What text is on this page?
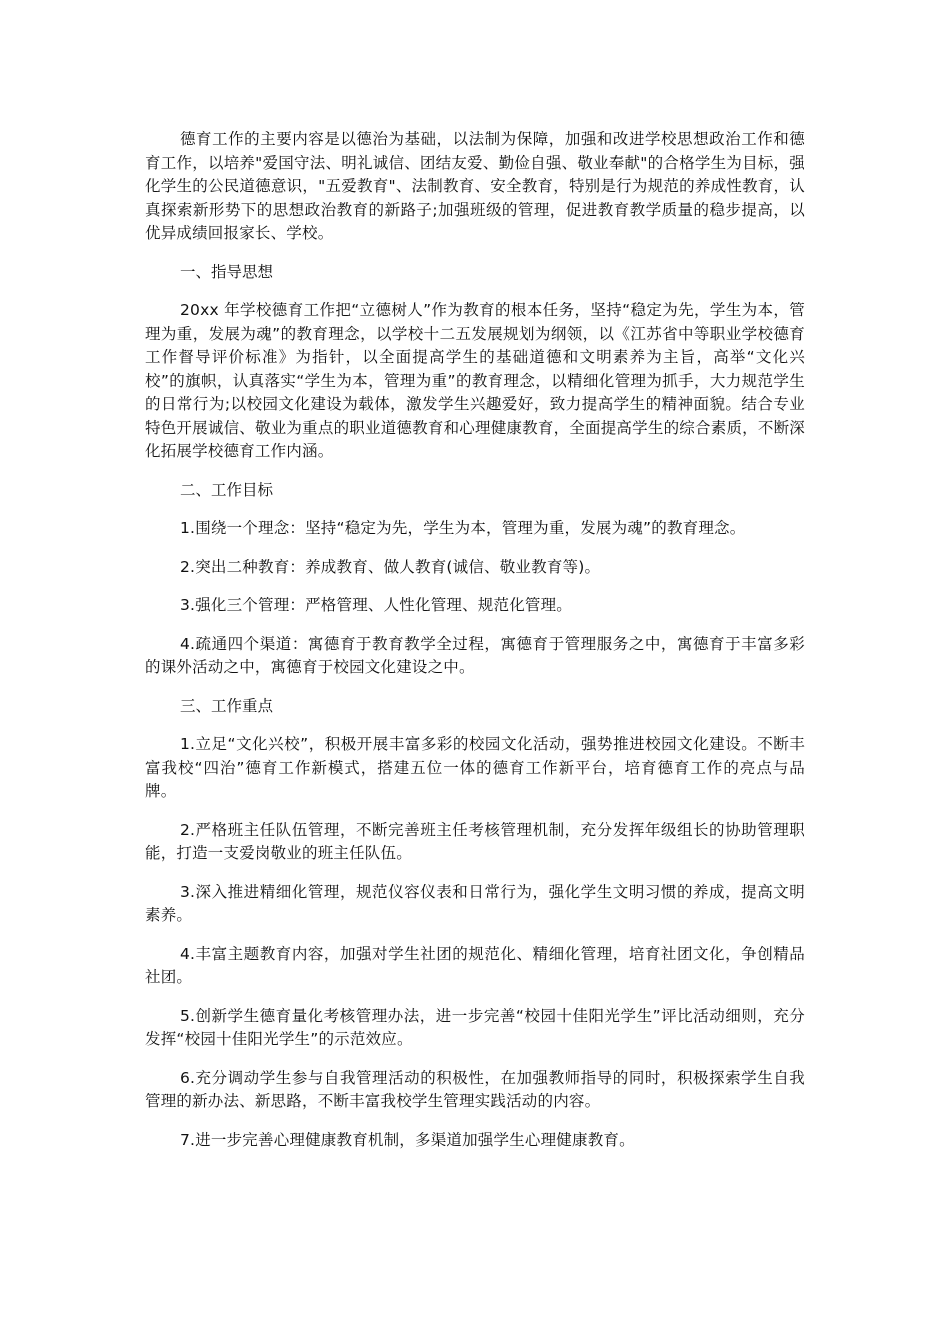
德育工作的主要内容是以德治为基础，以法制为保障，加强和改进学校思想政治工作和德育工作，以培养"爱国守法、明礼诚信、团结友爱、勤俭自强、敬业奉献"的合格学生为目标，强化学生的公民道德意识，"五爱教育"、法制教育、安全教育，特别是行为规范的养成性教育，认真探索新形势下的思想政治教育的新路子;加强班级的管理，促进教育教学质量的稳步提高，以优异成绩回报家长、学校。

一、指导思想

20xx 年学校德育工作把“立德树人”作为教育的根本任务，坚持“稳定为先，学生为本，管理为重，发展为魂”的教育理念，以学校十二五发展规划为纲领，以《江苏省中等职业学校德育工作督导评价标准》为指针，以全面提高学生的基础道德和文明素养为主旨，高举“文化兴校”的旗帜，认真落实“学生为本，管理为重”的教育理念，以精细化管理为抓手，大力规范学生的日常行为;以校园文化建设为载体，激发学生兴趣爱好，致力提高学生的精神面貌。结合专业特色开展诚信、敬业为重点的职业道德教育和心理健康教育，全面提高学生的综合素质，不断深化拓展学校德育工作内涵。

二、工作目标

1.围绕一个理念：坚持“稳定为先，学生为本，管理为重，发展为魂”的教育理念。

2.突出二种教育：养成教育、做人教育(诚信、敬业教育等)。

3.强化三个管理：严格管理、人性化管理、规范化管理。

4.疏通四个渠道：寓德育于教育教学全过程，寓德育于管理服务之中，寓德育于丰富多彩的课外活动之中，寓德育于校园文化建设之中。

三、工作重点

1.立足“文化兴校”，积极开展丰富多彩的校园文化活动，强势推进校园文化建设。不断丰富我校“四治”德育工作新模式，搭建五位一体的德育工作新平台，培育德育工作的亮点与品牌。

2.严格班主任队伍管理，不断完善班主任考核管理机制，充分发挥年级组长的协助管理职能，打造一支爱岗敬业的班主任队伍。

3.深入推进精细化管理，规范仪容仪表和日常行为，强化学生文明习惯的养成，提高文明素养。

4.丰富主题教育内容，加强对学生社团的规范化、精细化管理，培育社团文化，争创精品社团。

5.创新学生德育量化考核管理办法，进一步完善“校园十佳阳光学生”评比活动细则，充分发挥“校园十佳阳光学生”的示范效应。

6.充分调动学生参与自我管理活动的积极性，在加强教师指导的同时，积极探索学生自我管理的新办法、新思路，不断丰富我校学生管理实践活动的内容。

7.进一步完善心理健康教育机制，多渠道加强学生心理健康教育。
